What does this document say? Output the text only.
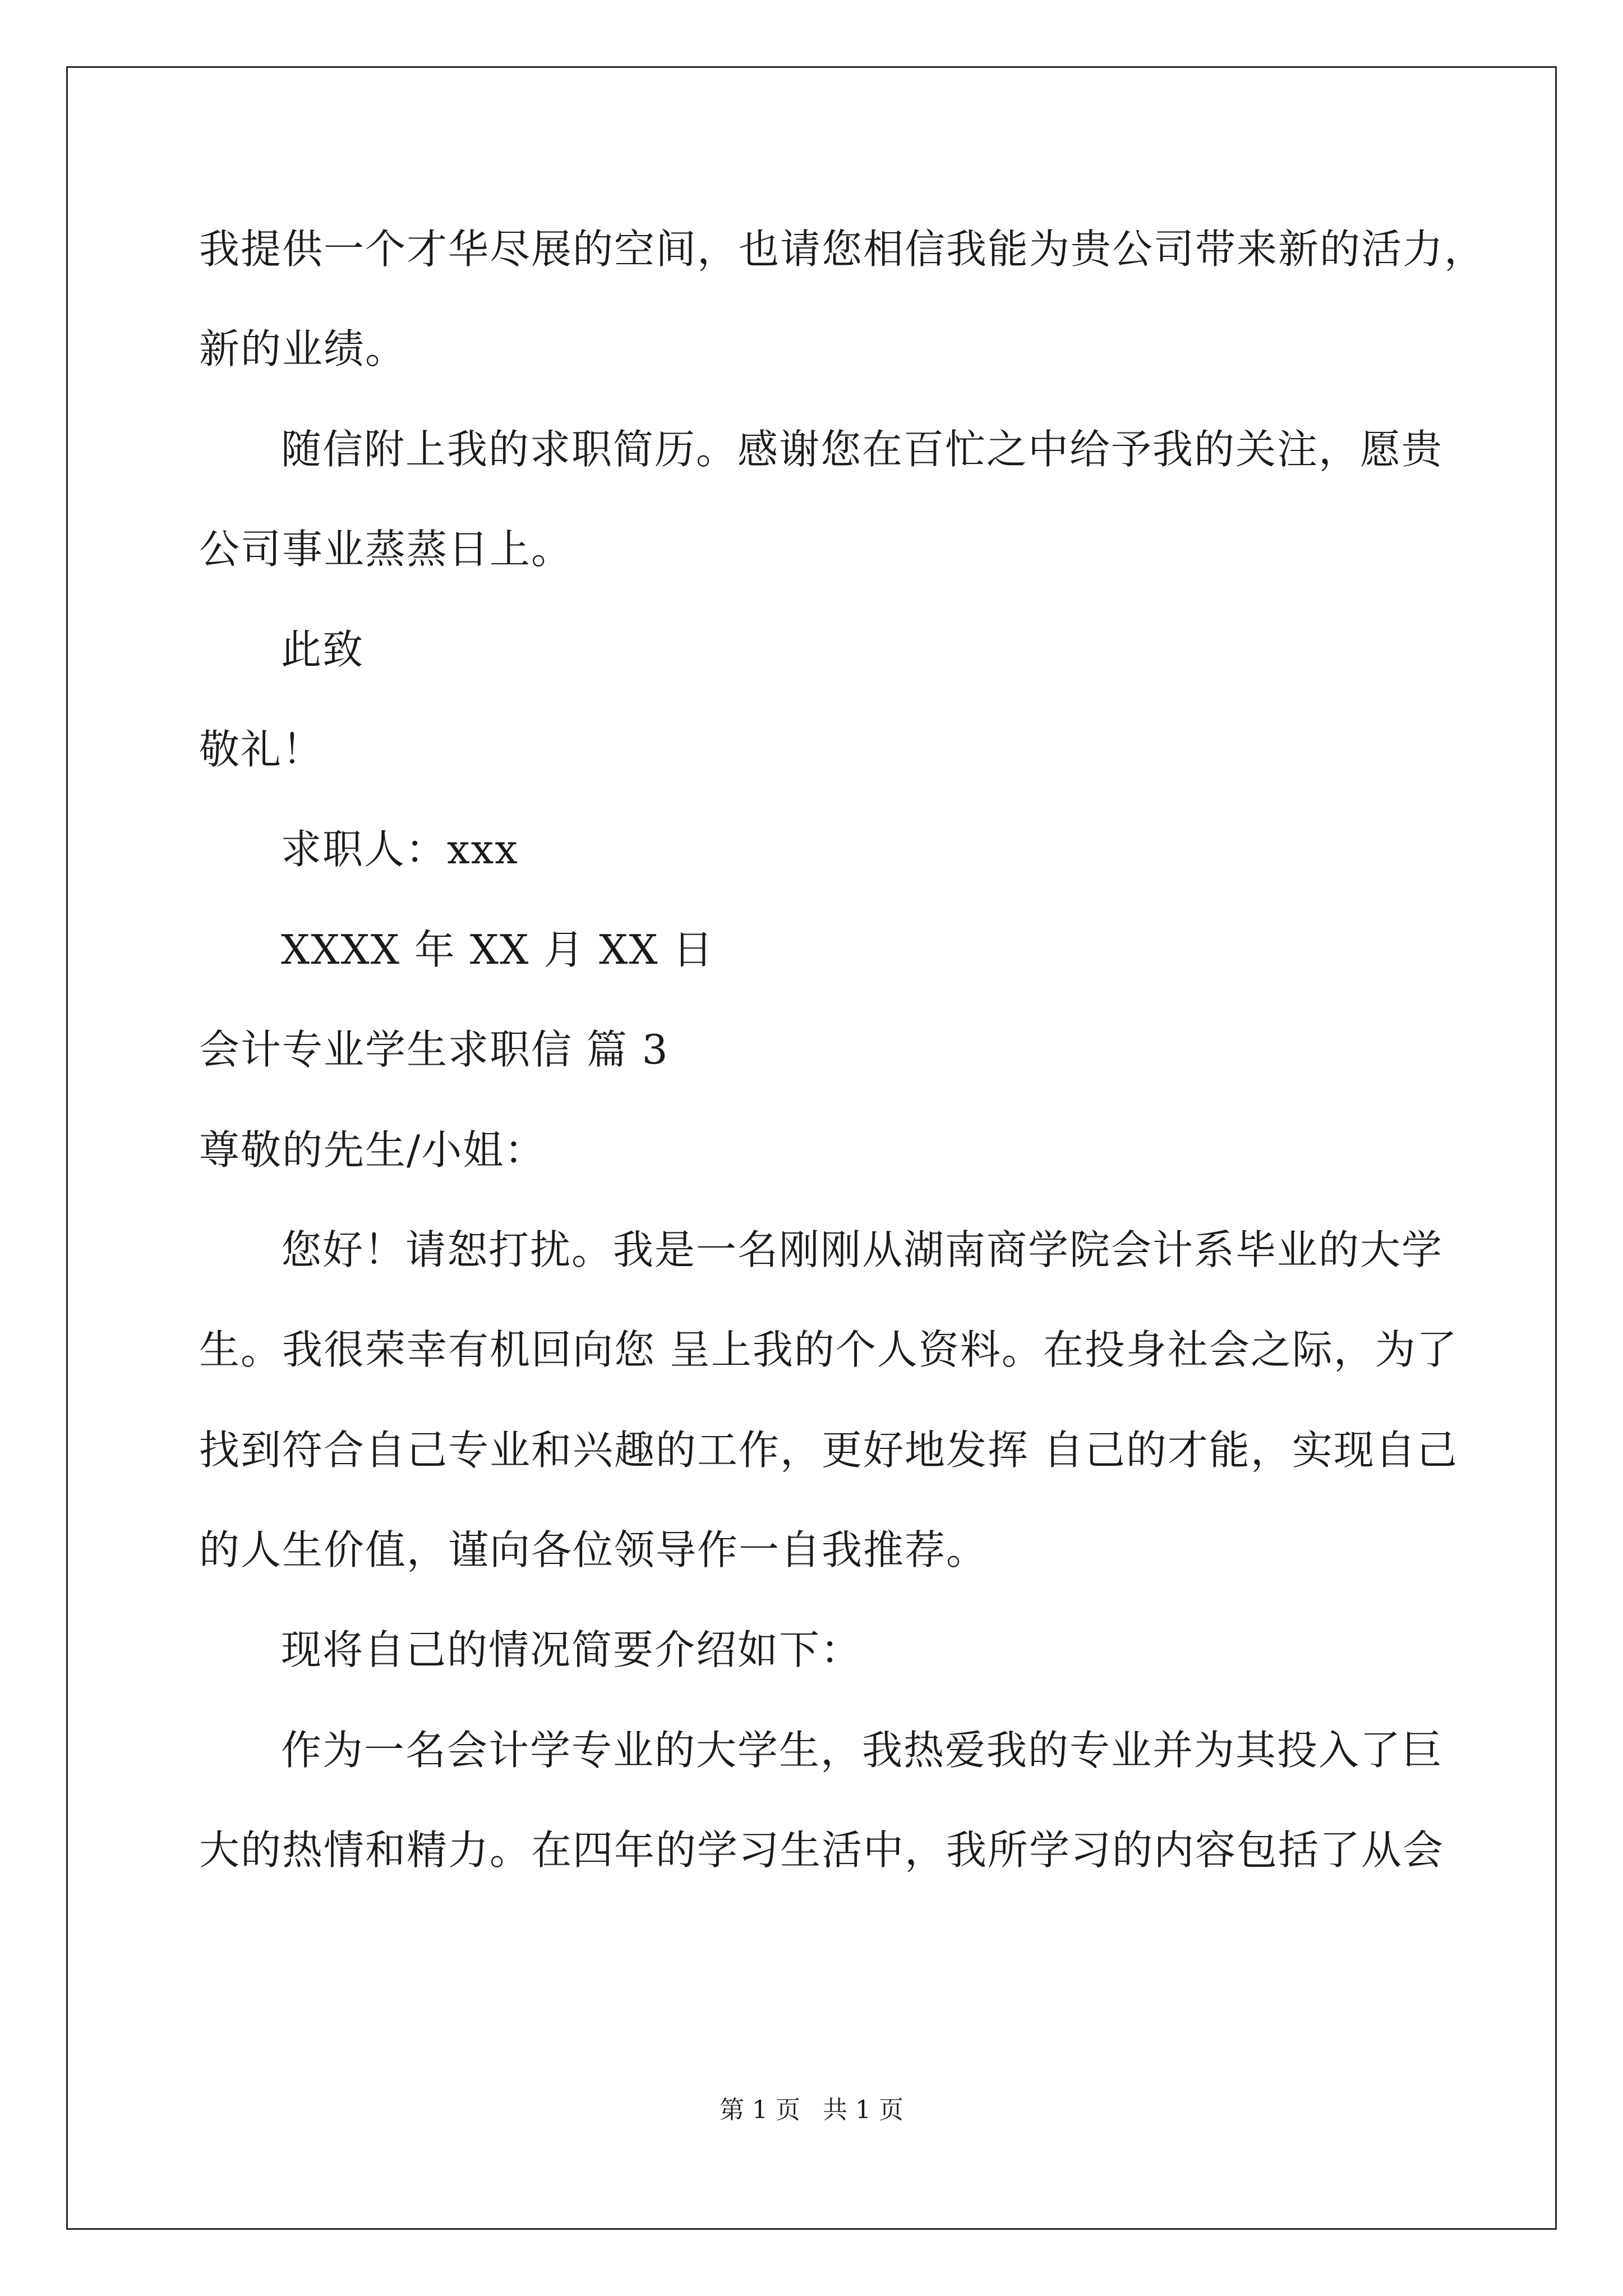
我提供一个才华尽展的空间，也请您相信我能为贵公司带来新的活力，
新的业绩。
随信附上我的求职简历。感谢您在百忙之中给予我的关注，愿贵
公司事业蒸蒸日上。
此致
敬礼！
求职人：xxx
XXXX 年 XX 月 XX 日
会计专业学生求职信 篇 3
尊敬的先生/小姐：
您好！请恕打扰。我是一名刚刚从湖南商学院会计系毕业的大学
生。我很荣幸有机回向您 呈上我的个人资料。在投身社会之际，为了
找到符合自己专业和兴趣的工作，更好地发挥 自己的才能，实现自己
的人生价值，谨向各位领导作一自我推荐。
现将自己的情况简要介绍如下：
作为一名会计学专业的大学生，我热爱我的专业并为其投入了巨
大的热情和精力。在四年的学习生活中，我所学习的内容包括了从会
第 1 页 共 1 页
